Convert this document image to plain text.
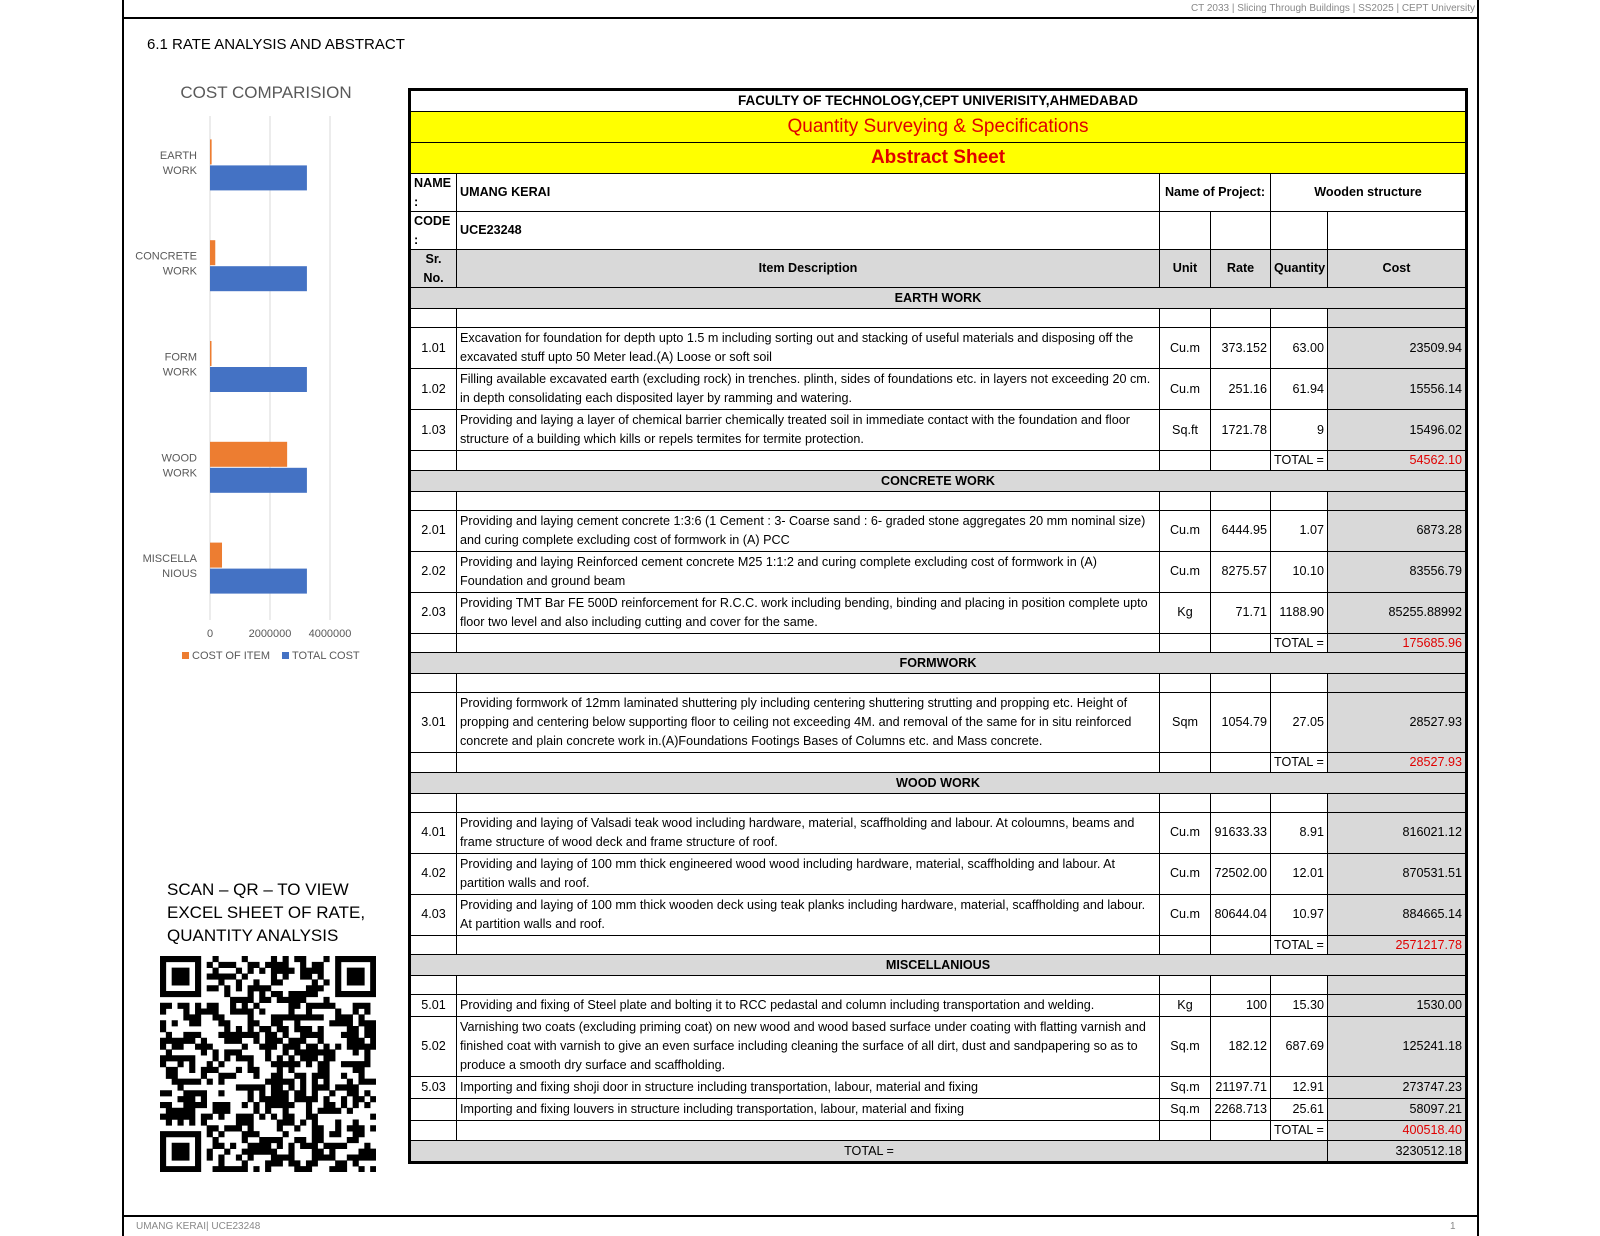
CT 2033 | Slicing Through Buildings | SS2025 | CEPT University
UMANG KERAI| UCE23248	1
6.1 RATE ANALYSIS AND ABSTRACT
COST COMPARISION
0	2000000 4000000
EARTH
WORK
CONCRETE
WORK
FORM
WORK
WOOD
WORK
MISCELLA
NIOUS
COST OF ITEM TOTAL COST
SCAN – QR – TO VIEW
EXCEL SHEET OF RATE,
QUANTITY ANALYSIS
FACULTY OF TECHNOLOGY,CEPT UNIVERISITY,AHMEDABAD					
Quantity Surveying & Specifications					
Abstract Sheet					
NAME :	UMANG KERAI	Name of Project:		Wooden structure	
CODE :	UCE23248				
Sr. No.	Item Description	Unit	Rate	Quantity	Cost
EARTH WORK					

1.01	Excavation for foundation for depth upto 1.5 m including sorting out and stacking of useful materials and disposing off the excavated stuff upto 50 Meter lead.(A) Loose or soft soil	Cu.m	373.152	63.00	23509.94
1.02	Filling available excavated earth (excluding rock) in trenches. plinth, sides of foundations etc. in layers not exceeding 20 cm. in depth consolidating each disposited layer by ramming and watering.	Cu.m	251.16	61.94	15556.14
1.03	Providing and laying a layer of chemical barrier chemically treated soil in immediate contact with the foundation and floor structure of a building which kills or repels termites for termite protection.	Sq.ft	1721.78	9	15496.02
				TOTAL =	54562.10
CONCRETE WORK					

2.01	Providing and laying cement concrete 1:3:6 (1 Cement : 3- Coarse sand : 6- graded stone aggregates 20 mm nominal size) and curing complete excluding cost of formwork in (A) PCC	Cu.m	6444.95	1.07	6873.28
2.02	Providing and laying Reinforced cement concrete M25 1:1:2 and curing complete excluding cost of formwork in (A) Foundation and ground beam	Cu.m	8275.57	10.10	83556.79
2.03	Providing TMT Bar FE 500D reinforcement for R.C.C. work including bending, binding and placing in position complete upto floor two level and also including cutting and cover for the same.	Kg	71.71	1188.90	85255.88992
				TOTAL =	175685.96
FORMWORK					

3.01	Providing formwork of 12mm laminated shuttering ply including centering shuttering strutting and propping etc. Height of propping and centering below supporting floor to ceiling not exceeding 4M. and removal of the same for in situ reinforced concrete and plain concrete work in.(A)Foundations Footings Bases of Columns etc. and Mass concrete.	Sqm	1054.79	27.05	28527.93
				TOTAL =	28527.93
WOOD WORK					

4.01	Providing and laying of Valsadi teak wood including hardware, material, scaffholding and labour. At coloumns, beams and frame structure of wood deck and frame structure of roof.	Cu.m	91633.33	8.91	816021.12
4.02	Providing and laying of 100 mm thick engineered wood wood including hardware, material, scaffholding and labour. At partition walls and roof.	Cu.m	72502.00	12.01	870531.51
4.03	Providing and laying of 100 mm thick wooden deck using teak planks including hardware, material, scaffholding and labour. At partition walls and roof.	Cu.m	80644.04	10.97	884665.14
				TOTAL =	2571217.78
MISCELLANIOUS					

5.01	Providing and fixing of Steel plate and bolting it to RCC pedastal and column including transportation and welding.	Kg	100	15.30	1530.00
5.02	Varnishing two coats (excluding priming coat) on new wood and wood based surface under coating with flatting varnish and finished coat with varnish to give an even surface including cleaning the surface of all dirt, dust and sandpapering so as to produce a smooth dry surface and scaffholding.	Sq.m	182.12	687.69	125241.18
5.03	Importing and fixing shoji door in structure including transportation, labour, material and fixing	Sq.m	21197.71	12.91	273747.23
	Importing and fixing louvers in structure including transportation, labour, material and fixing	Sq.m	2268.713	25.61	58097.21
				TOTAL =	400518.40
TOTAL =					3230512.18
